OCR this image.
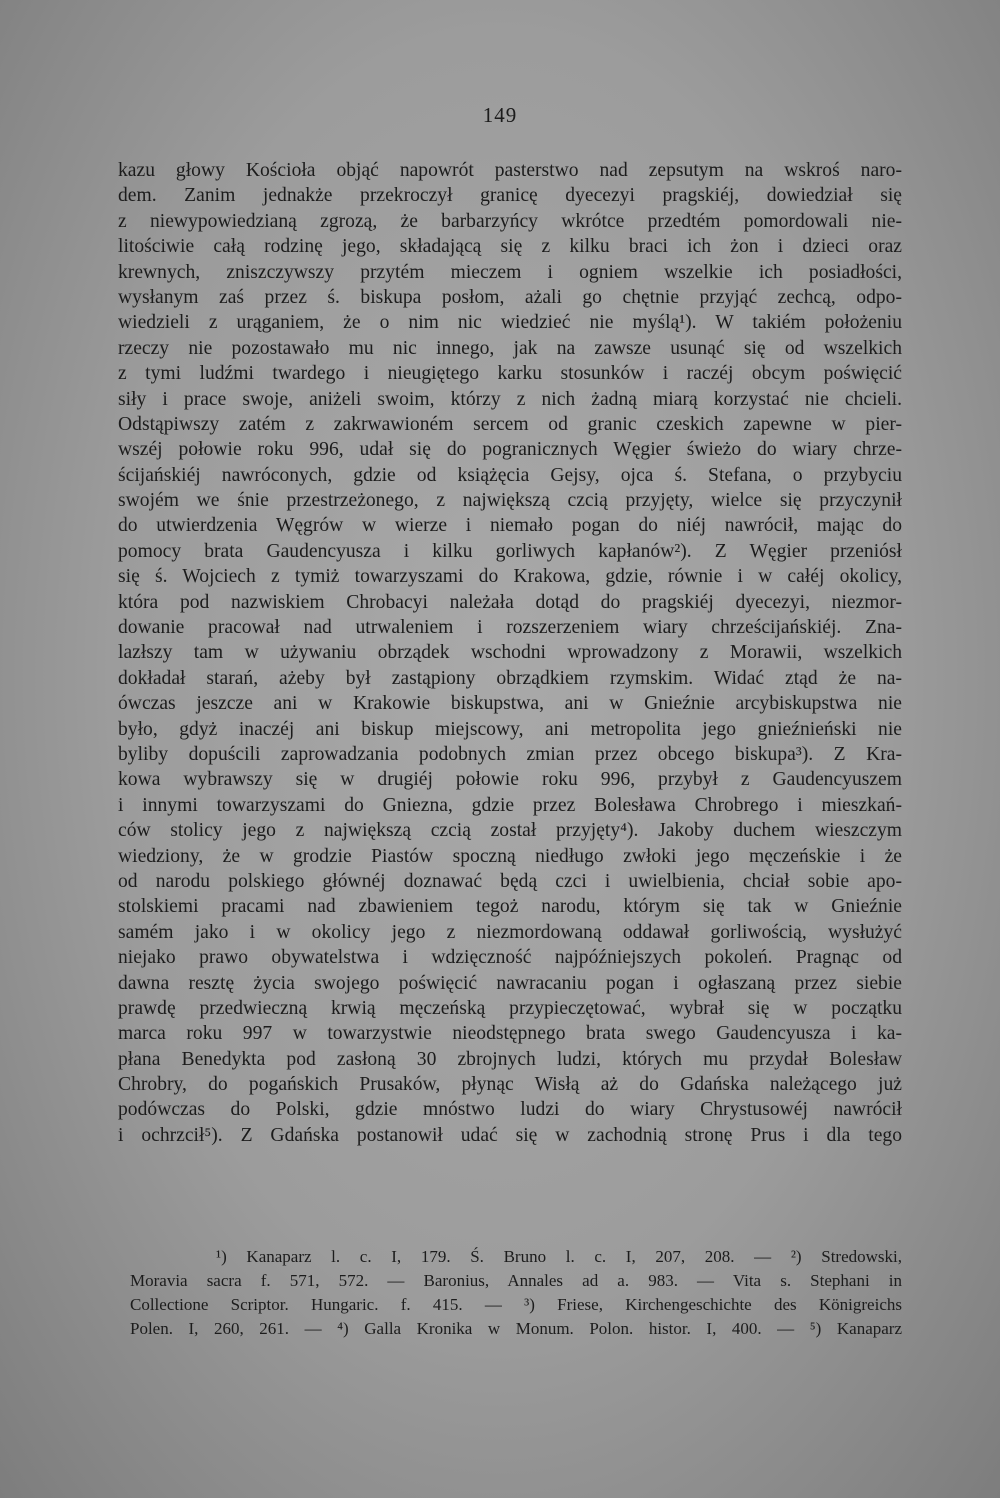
149
kazu głowy Kościoła objąć napowrót pasterstwo nad zepsutym na wskroś naro-
dem. Zanim jednakże przekroczył granicę dyecezyi pragskiéj, dowiedział się
z niewypowiedzianą zgrozą, że barbarzyńcy wkrótce przedtém pomordowali nie-
litościwie całą rodzinę jego, składającą się z kilku braci ich żon i dzieci oraz
krewnych, zniszczywszy przytém mieczem i ogniem wszelkie ich posiadłości,
wysłanym zaś przez ś. biskupa posłom, ażali go chętnie przyjąć zechcą, odpo-
wiedzieli z urąganiem, że o nim nic wiedzieć nie myślą¹). W takiém położeniu
rzeczy nie pozostawało mu nic innego, jak na zawsze usunąć się od wszelkich
z tymi ludźmi twardego i nieugiętego karku stosunków i raczéj obcym poświęcić
siły i prace swoje, aniżeli swoim, którzy z nich żadną miarą korzystać nie chcieli.
Odstąpiwszy zatém z zakrwawioném sercem od granic czeskich zapewne w pier-
wszéj połowie roku 996, udał się do pogranicznych Węgier świeżo do wiary chrze-
ścijańskiéj nawróconych, gdzie od książęcia Gejsy, ojca ś. Stefana, o przybyciu
swojém we śnie przestrzeżonego, z największą czcią przyjęty, wielce się przyczynił
do utwierdzenia Węgrów w wierze i niemało pogan do niéj nawrócił, mając do
pomocy brata Gaudencyusza i kilku gorliwych kapłanów²). Z Węgier przeniósł
się ś. Wojciech z tymiż towarzyszami do Krakowa, gdzie, równie i w całéj okolicy,
która pod nazwiskiem Chrobacyi należała dotąd do pragskiéj dyecezyi, niezmor-
dowanie pracował nad utrwaleniem i rozszerzeniem wiary chrześcijańskiéj. Zna-
lazłszy tam w używaniu obrządek wschodni wprowadzony z Morawii, wszelkich
dokładał starań, ażeby był zastąpiony obrządkiem rzymskim. Widać ztąd że na-
ówczas jeszcze ani w Krakowie biskupstwa, ani w Gnieźnie arcybiskupstwa nie
było, gdyż inaczéj ani biskup miejscowy, ani metropolita jego gnieźnieński nie
byliby dopuścili zaprowadzania podobnych zmian przez obcego biskupa³). Z Kra-
kowa wybrawszy się w drugiéj połowie roku 996, przybył z Gaudencyuszem
i innymi towarzyszami do Gniezna, gdzie przez Bolesława Chrobrego i mieszkań-
ców stolicy jego z największą czcią został przyjęty⁴). Jakoby duchem wieszczym
wiedziony, że w grodzie Piastów spoczną niedługo zwłoki jego męczeńskie i że
od narodu polskiego głównéj doznawać będą czci i uwielbienia, chciał sobie apo-
stolskiemi pracami nad zbawieniem tegoż narodu, którym się tak w Gnieźnie
samém jako i w okolicy jego z niezmordowaną oddawał gorliwością, wysłużyć
niejako prawo obywatelstwa i wdzięczność najpóźniejszych pokoleń. Pragnąc od
dawna resztę życia swojego poświęcić nawracaniu pogan i ogłaszaną przez siebie
prawdę przedwieczną krwią męczeńską przypieczętować, wybrał się w początku
marca roku 997 w towarzystwie nieodstępnego brata swego Gaudencyusza i ka-
płana Benedykta pod zasłoną 30 zbrojnych ludzi, których mu przydał Bolesław
Chrobry, do pogańskich Prusaków, płynąc Wisłą aż do Gdańska należącego już
podówczas do Polski, gdzie mnóstwo ludzi do wiary Chrystusowéj nawrócił
i ochrzcił⁵). Z Gdańska postanowił udać się w zachodnią stronę Prus i dla tego
¹) Kanaparz l. c. I, 179. Ś. Bruno l. c. I, 207, 208. — ²) Stredowski,
Moravia sacra f. 571, 572. — Baronius, Annales ad a. 983. — Vita s. Stephani in
Collectione Scriptor. Hungaric. f. 415. — ³) Friese, Kirchengeschichte des Königreichs
Polen. I, 260, 261. — ⁴) Galla Kronika w Monum. Polon. histor. I, 400. — ⁵) Kanaparz
